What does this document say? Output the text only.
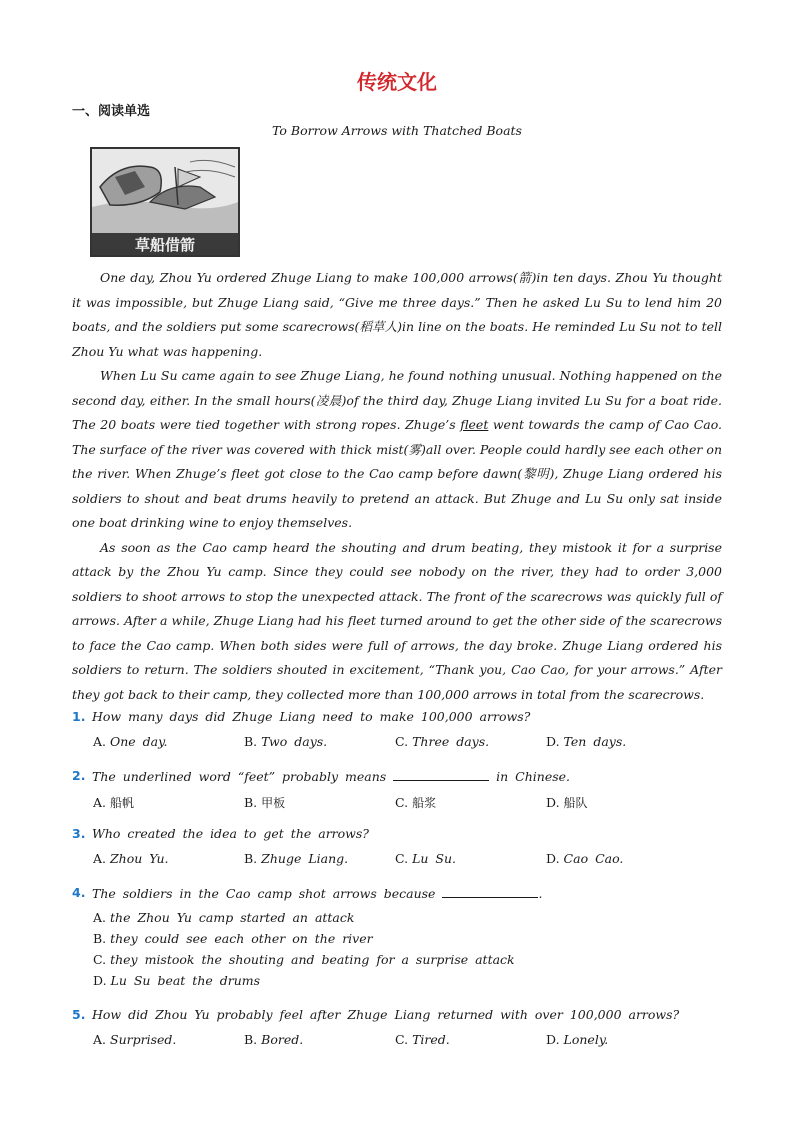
传统文化
一、阅读单选
To Borrow Arrows with Thatched Boats
草船借箭

One day, Zhou Yu ordered Zhuge Liang to make 100,000 arrows(箭)in ten days. Zhou Yu thought it was impossible, but Zhuge Liang said, “Give me three days.” Then he asked Lu Su to lend him 20 boats, and the soldiers put some scarecrows(稻草人)in line on the boats. He reminded Lu Su not to tell Zhou Yu what was happening.

When Lu Su came again to see Zhuge Liang, he found nothing unusual. Nothing happened on the second day, either. In the small hours(凌晨)of the third day, Zhuge Liang invited Lu Su for a boat ride. The 20 boats were tied together with strong ropes. Zhuge’s fleet went towards the camp of Cao Cao. The surface of the river was covered with thick mist(雾)all over. People could hardly see each other on the river. When Zhuge’s fleet got close to the Cao camp before dawn(黎明), Zhuge Liang ordered his soldiers to shout and beat drums heavily to pretend an attack. But Zhuge and Lu Su only sat inside one boat drinking wine to enjoy themselves.

As soon as the Cao camp heard the shouting and drum beating, they mistook it for a surprise attack by the Zhou Yu camp. Since they could see nobody on the river, they had to order 3,000 soldiers to shoot arrows to stop the unexpected attack. The front of the scarecrows was quickly full of arrows. After a while, Zhuge Liang had his fleet turned around to get the other side of the scarecrows to face the Cao camp. When both sides were full of arrows, the day broke. Zhuge Liang ordered his soldiers to return. The soldiers shouted in excitement, “Thank you, Cao Cao, for your arrows.” After they got back to their camp, they collected more than 100,000 arrows in total from the scarecrows.

1. How many days did Zhuge Liang need to make 100,000 arrows?
A. One day.	B. Two days.	C. Three days.	D. Ten days.
2. The underlined word “feet” probably means	in Chinese.
A. 船帆	B. 甲板	C. 船浆	D. 船队
3. Who created the idea to get the arrows?
A. Zhou Yu.	B. Zhuge Liang.	C. Lu Su.	D. Cao Cao.
4. The soldiers in the Cao camp shot arrows because	.
A. the Zhou Yu camp started an attack
B. they could see each other on the river
C. they mistook the shouting and beating for a surprise attack
D. Lu Su beat the drums
5. How did Zhou Yu probably feel after Zhuge Liang returned with over 100,000 arrows?
A. Surprised.	B. Bored.	C. Tired.	D. Lonely.
